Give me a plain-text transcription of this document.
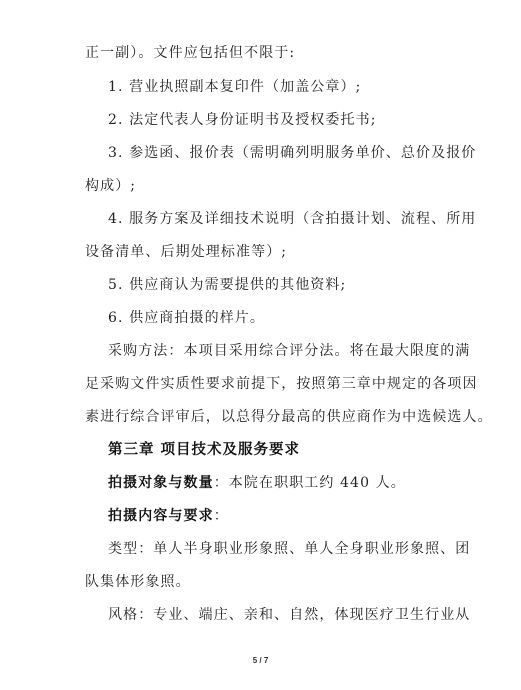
正一副）。文件应包括但不限于:
1. 营业执照副本复印件（加盖公章）;
2. 法定代表人身份证明书及授权委托书;
3. 参选函、报价表（需明确列明服务单价、总价及报价
构成）;
4. 服务方案及详细技术说明（含拍摄计划、流程、所用
设备清单、后期处理标准等）;
5. 供应商认为需要提供的其他资料;
6. 供应商拍摄的样片。
采购方法：本项目采用综合评分法。将在最大限度的满
足采购文件实质性要求前提下，按照第三章中规定的各项因
素进行综合评审后，以总得分最高的供应商作为中选候选人。
第三章 项目技术及服务要求
拍摄对象与数量：本院在职职工约 440 人。
拍摄内容与要求：
类型：单人半身职业形象照、单人全身职业形象照、团
队集体形象照。
风格：专业、端庄、亲和、自然，体现医疗卫生行业从
5 / 7
